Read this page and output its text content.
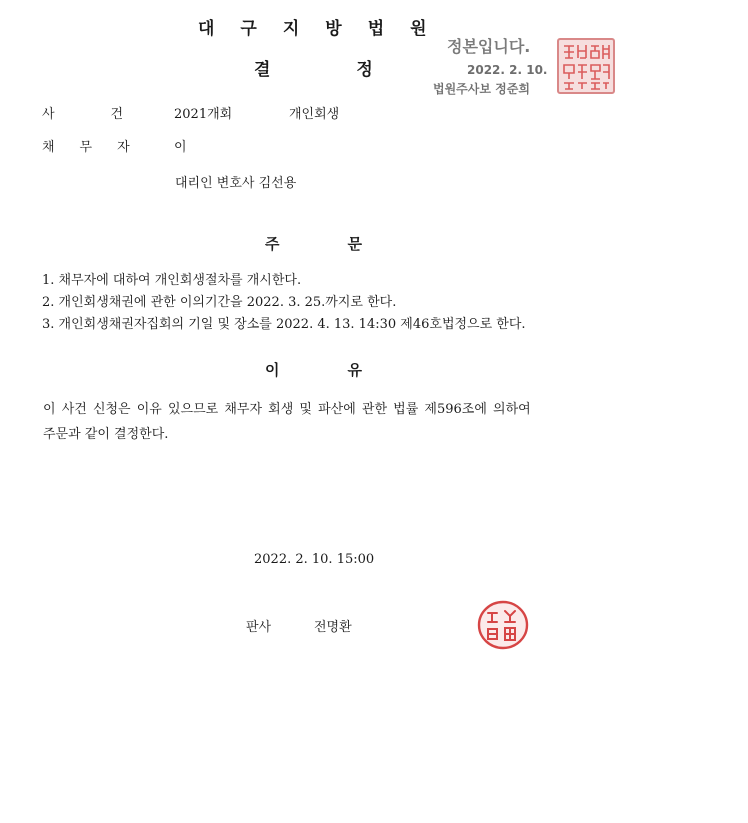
대구지방법원
결정
정본입니다.
2022. 2. 10.
법원주사보 정준희
사건
2021개회	개인회생
채무자 이
대리인 변호사 김선용
주문
1. 채무자에 대하여 개인회생절차를 개시한다.
2. 개인회생채권에 관한 이의기간을 2022. 3. 25.까지로 한다.
3. 개인회생채권자집회의 기일 및 장소를 2022. 4. 13. 14:30 제46호법정으로 한다.
이유
이 사건 신청은 이유 있으므로 채무자 회생 및 파산에 관한 법률 제596조에 의하여
주문과 같이 결정한다.
2022. 2. 10. 15:00
판사	전명환
